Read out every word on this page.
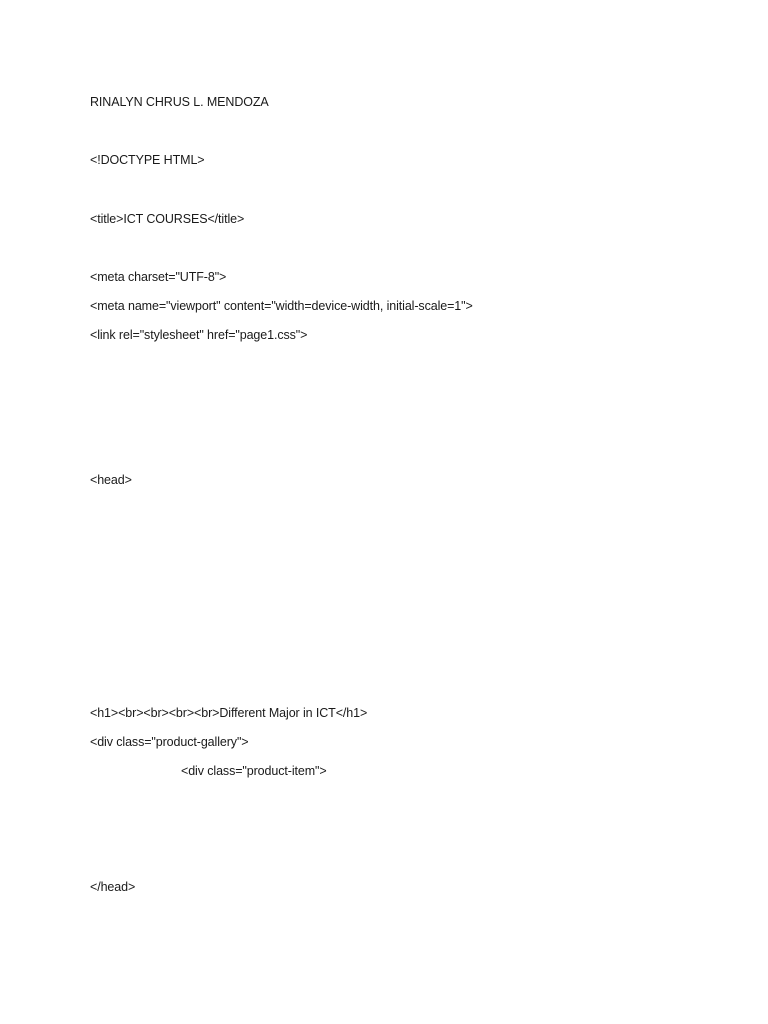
RINALYN CHRUS L. MENDOZA
<!DOCTYPE HTML>
<title>ICT COURSES</title>
<meta charset="UTF-8">
<meta name="viewport" content="width=device-width, initial-scale=1">
<link rel="stylesheet" href="page1.css">
<head>
<h1><br><br><br><br>Different Major in ICT</h1>
<div class="product-gallery">
<div class="product-item">
</head>
